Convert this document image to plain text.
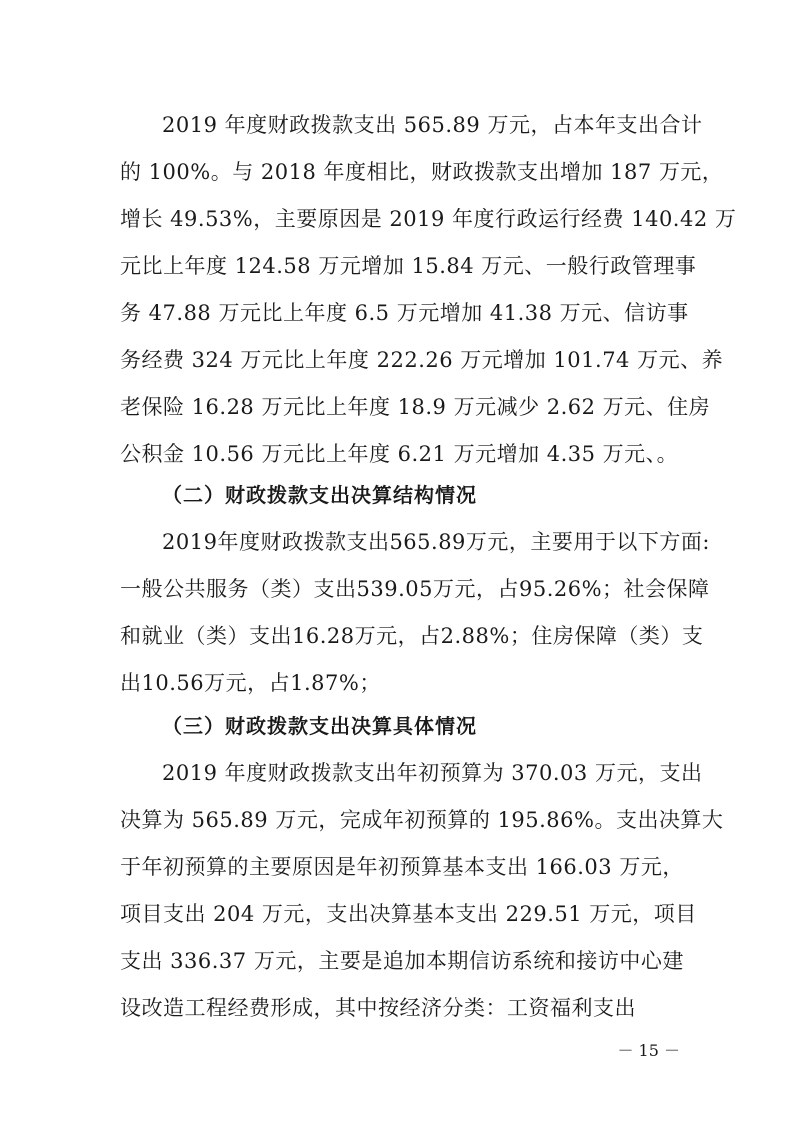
2019 年度财政拨款支出 565.89 万元，占本年支出合计
的 100%。与 2018 年度相比，财政拨款支出增加 187 万元，
增长 49.53%，主要原因是 2019 年度行政运行经费 140.42 万
元比上年度 124.58 万元增加 15.84 万元、一般行政管理事
务 47.88 万元比上年度 6.5 万元增加 41.38 万元、信访事
务经费 324 万元比上年度 222.26 万元增加 101.74 万元、养
老保险 16.28 万元比上年度 18.9 万元减少 2.62 万元、住房
公积金 10.56 万元比上年度 6.21 万元增加 4.35 万元、。
（二）财政拨款支出决算结构情况
2019年度财政拨款支出565.89万元，主要用于以下方面:
一般公共服务（类）支出539.05万元，占95.26%；社会保障
和就业（类）支出16.28万元，占2.88%；住房保障（类）支
出10.56万元，占1.87%；
（三）财政拨款支出决算具体情况
2019 年度财政拨款支出年初预算为 370.03 万元，支出
决算为 565.89 万元，完成年初预算的 195.86%。支出决算大
于年初预算的主要原因是年初预算基本支出 166.03 万元，
项目支出 204 万元，支出决算基本支出 229.51 万元，项目
支出 336.37 万元，主要是追加本期信访系统和接访中心建
设改造工程经费形成，其中按经济分类：工资福利支出
－ 15 －
